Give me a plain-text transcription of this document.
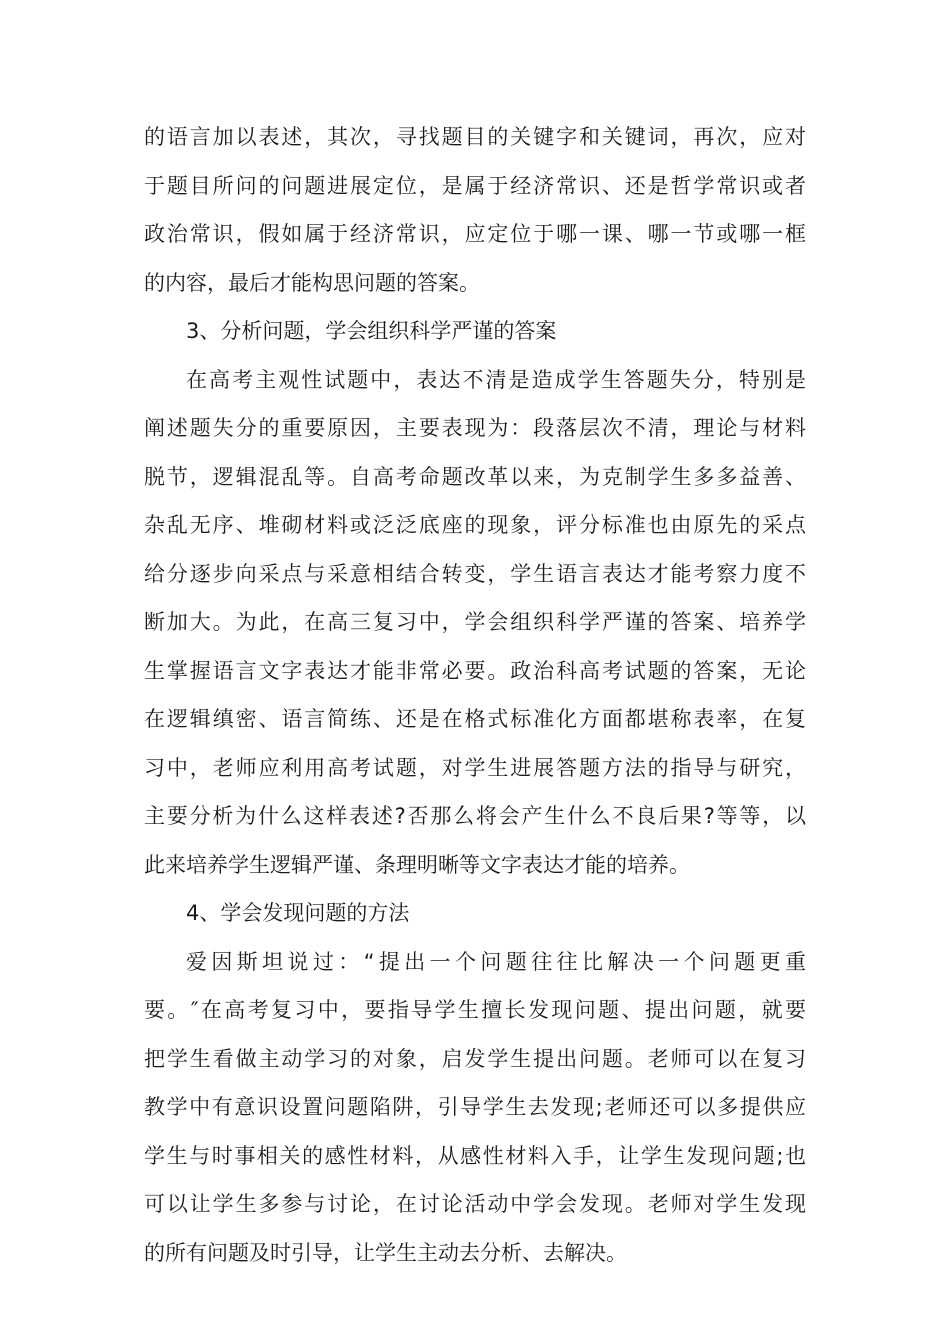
的语言加以表述，其次，寻找题目的关键字和关键词，再次，应对
于题目所问的问题进展定位，是属于经济常识、还是哲学常识或者
政治常识，假如属于经济常识，应定位于哪一课、哪一节或哪一框
的内容，最后才能构思问题的答案。
3、分析问题，学会组织科学严谨的答案
在高考主观性试题中，表达不清是造成学生答题失分，特别是
阐述题失分的重要原因，主要表现为：段落层次不清，理论与材料
脱节，逻辑混乱等。自高考命题改革以来，为克制学生多多益善、
杂乱无序、堆砌材料或泛泛底座的现象，评分标准也由原先的采点
给分逐步向采点与采意相结合转变，学生语言表达才能考察力度不
断加大。为此，在高三复习中，学会组织科学严谨的答案、培养学
生掌握语言文字表达才能非常必要。政治科高考试题的答案，无论
在逻辑缜密、语言简练、还是在格式标准化方面都堪称表率，在复
习中，老师应利用高考试题，对学生进展答题方法的指导与研究，
主要分析为什么这样表述?否那么将会产生什么不良后果?等等，以
此来培养学生逻辑严谨、条理明晰等文字表达才能的培养。
4、学会发现问题的方法
爱因斯坦说过：“提出一个问题往往比解决一个问题更重
要。″在高考复习中，要指导学生擅长发现问题、提出问题，就要
把学生看做主动学习的对象，启发学生提出问题。老师可以在复习
教学中有意识设置问题陷阱，引导学生去发现;老师还可以多提供应
学生与时事相关的感性材料，从感性材料入手，让学生发现问题;也
可以让学生多参与讨论，在讨论活动中学会发现。老师对学生发现
的所有问题及时引导，让学生主动去分析、去解决。
